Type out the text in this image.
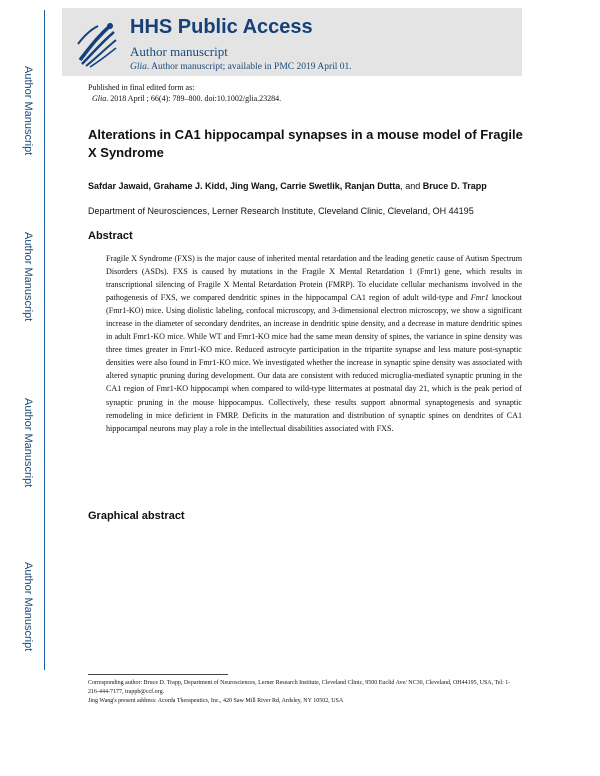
Author Manuscript
Author Manuscript
Author Manuscript
Author Manuscript
HHS Public Access
Author manuscript
Glia. Author manuscript; available in PMC 2019 April 01.
Published in final edited form as:
Glia. 2018 April ; 66(4): 789–800. doi:10.1002/glia.23284.
Alterations in CA1 hippocampal synapses in a mouse model of Fragile X Syndrome
Safdar Jawaid, Grahame J. Kidd, Jing Wang, Carrie Swetlik, Ranjan Dutta, and Bruce D. Trapp
Department of Neurosciences, Lerner Research Institute, Cleveland Clinic, Cleveland, OH 44195
Abstract
Fragile X Syndrome (FXS) is the major cause of inherited mental retardation and the leading genetic cause of Autism Spectrum Disorders (ASDs). FXS is caused by mutations in the Fragile X Mental Retardation 1 (Fmr1) gene, which results in transcriptional silencing of Fragile X Mental Retardation Protein (FMRP). To elucidate cellular mechanisms involved in the pathogenesis of FXS, we compared dendritic spines in the hippocampal CA1 region of adult wild-type and Fmr1 knockout (Fmr1-KO) mice. Using diolistic labeling, confocal microscopy, and 3-dimensional electron microscopy, we show a significant increase in the diameter of secondary dendrites, an increase in dendritic spine density, and a decrease in mature dendritic spines in adult Fmr1-KO mice. While WT and Fmr1-KO mice had the same mean density of spines, the variance in spine density was three times greater in Fmr1-KO mice. Reduced astrocyte participation in the tripartite synapse and less mature post-synaptic densities were also found in Fmr1-KO mice. We investigated whether the increase in synaptic spine density was associated with altered synaptic pruning during development. Our data are consistent with reduced microglia-mediated synaptic pruning in the CA1 region of Fmr1-KO hippocampi when compared to wild-type littermates at postnatal day 21, which is the peak period of synaptic pruning in the mouse hippocampus. Collectively, these results support abnormal synaptogenesis and synaptic remodeling in mice deficient in FMRP. Deficits in the maturation and distribution of synaptic spines on dendrites of CA1 hippocampal neurons may play a role in the intellectual disabilities associated with FXS.
Graphical abstract
Corresponding author: Bruce D. Trapp, Department of Neurosciences, Lerner Research Institute, Cleveland Clinic, 9500 Euclid Ave/ NC30, Cleveland, OH44195, USA, Tel: 1-216-444-7177, trappb@ccf.org.
Jing Wang's present address: Acorda Therapeutics, Inc., 420 Saw Mill River Rd, Ardsley, NY 10502, USA
